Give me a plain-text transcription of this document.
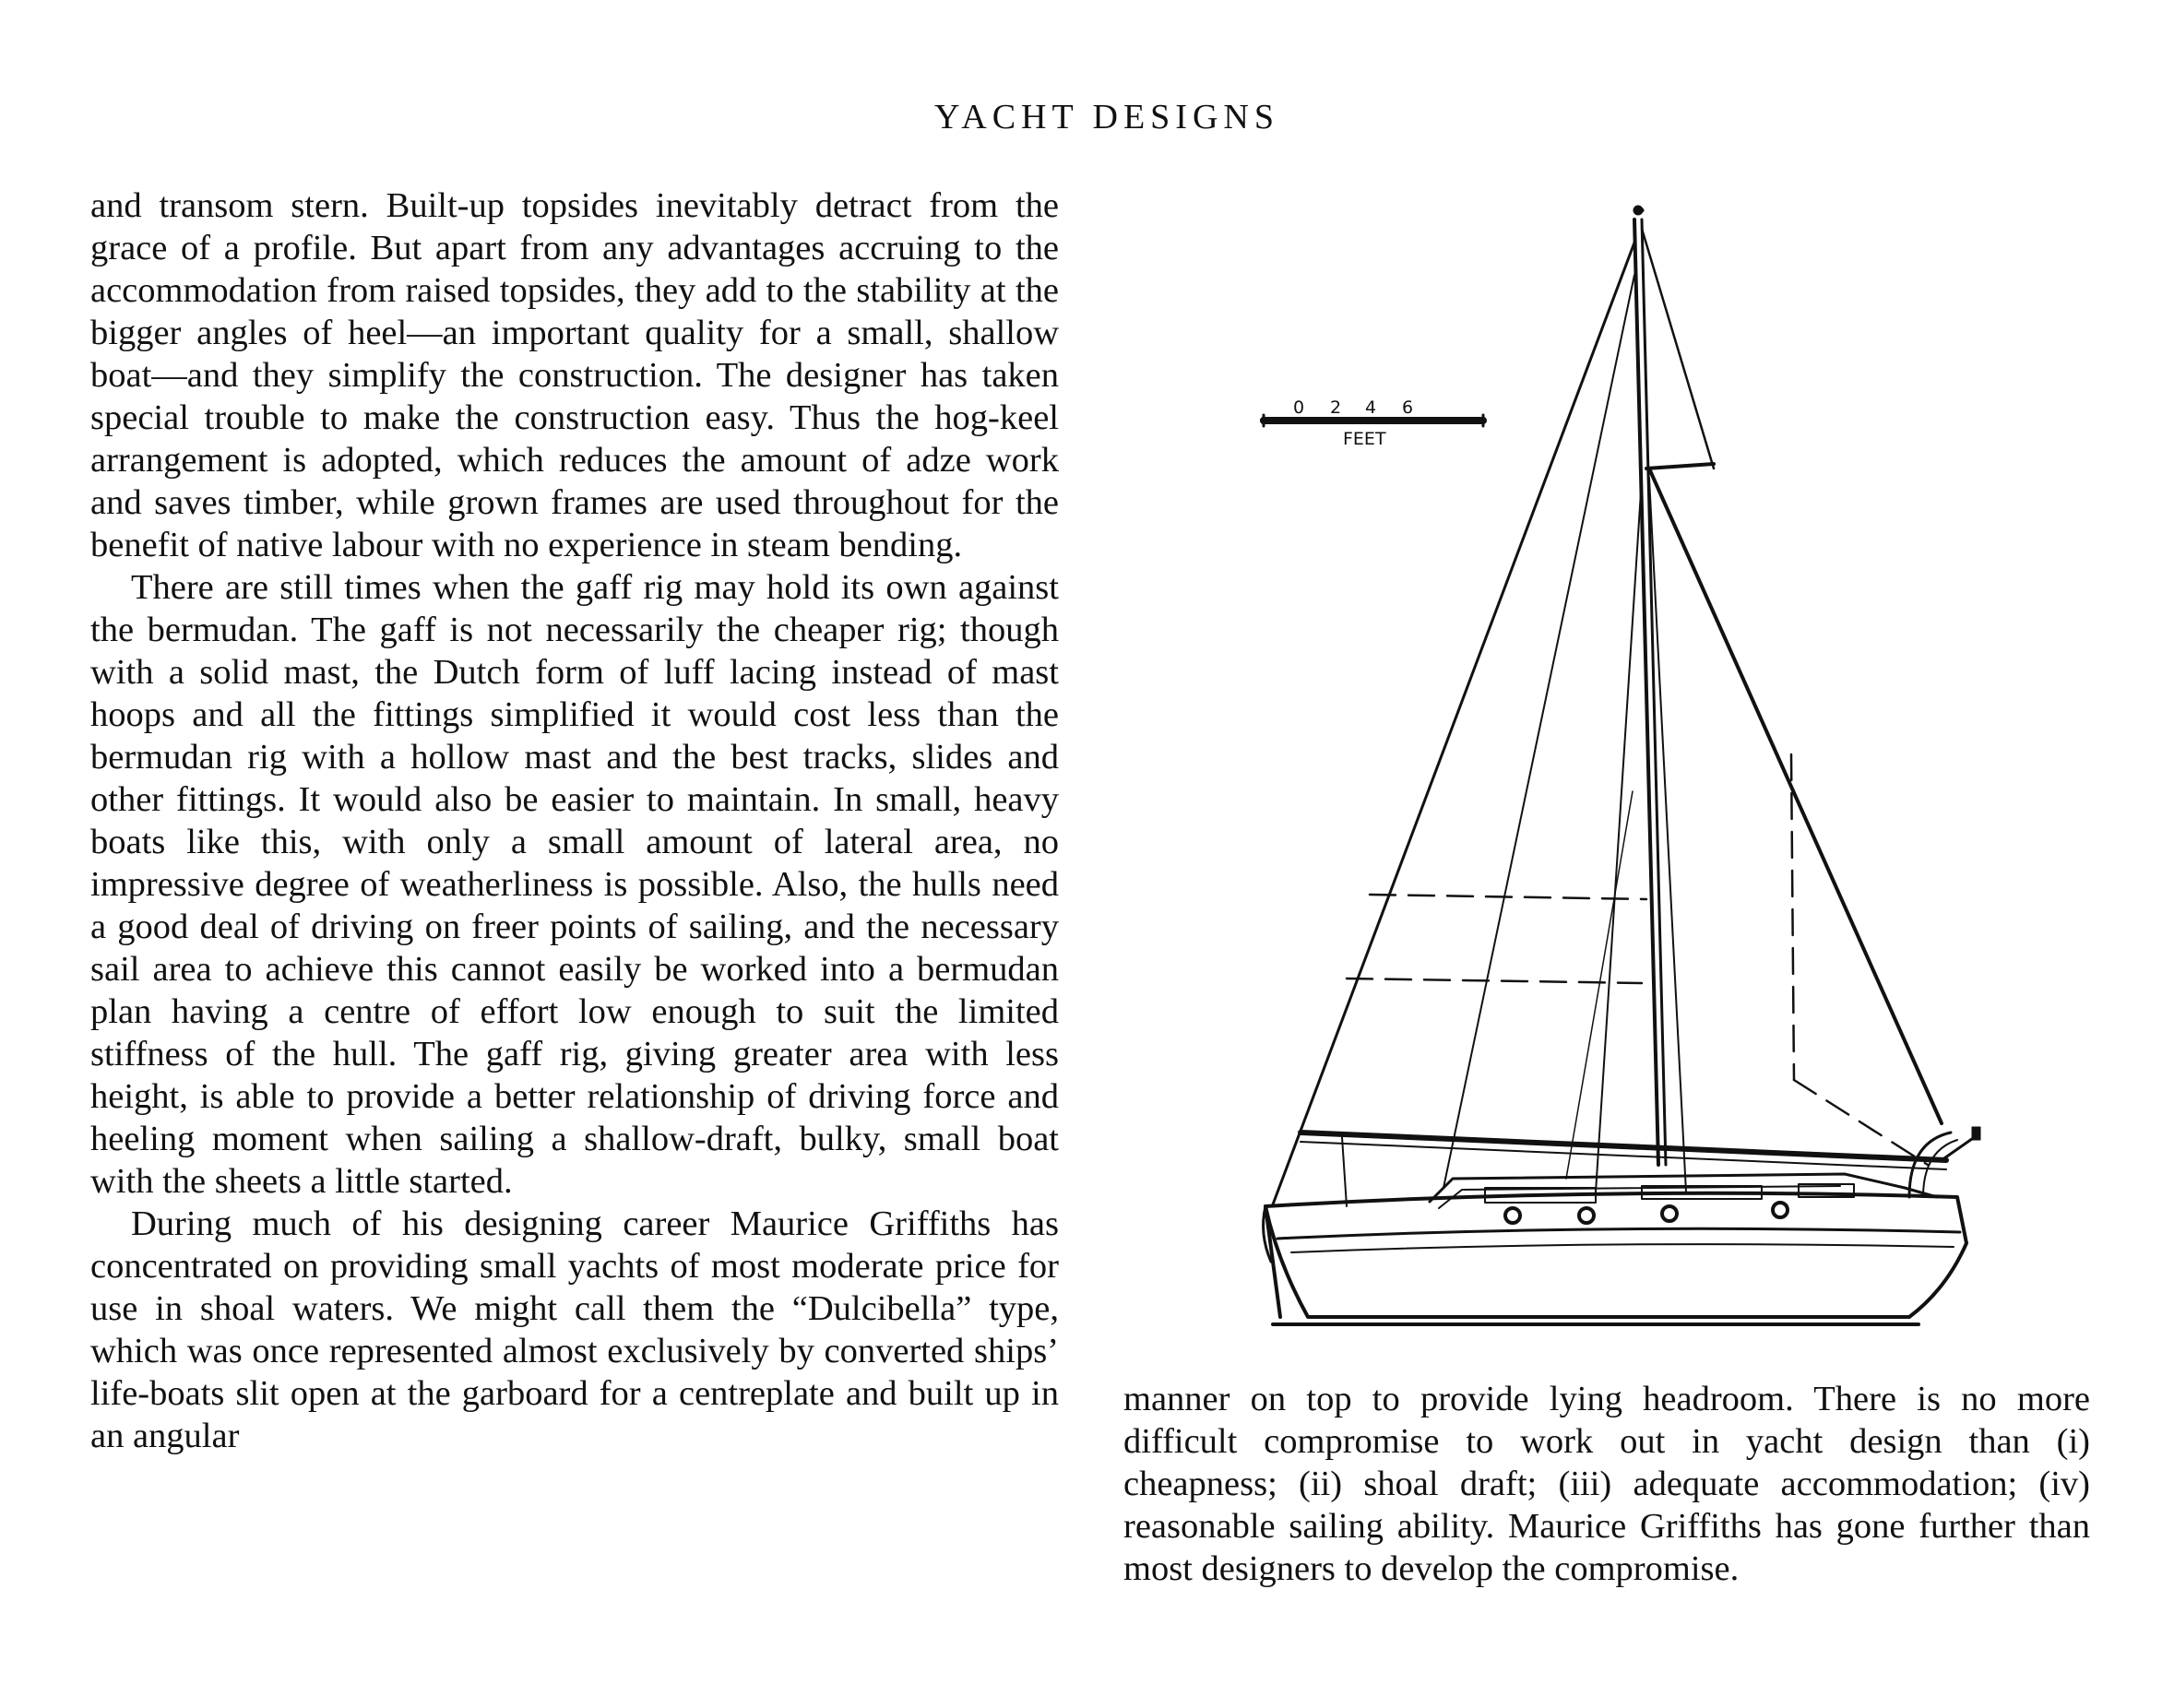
YACHT DESIGNS

and transom stern. Built-up topsides inevitably detract from the grace of a profile. But apart from any advantages accruing to the accommodation from raised topsides, they add to the stability at the bigger angles of heel—an important quality for a small, shallow boat—and they simplify the construction. The designer has taken special trouble to make the construction easy. Thus the hog-keel arrangement is adopted, which reduces the amount of adze work and saves timber, while grown frames are used throughout for the benefit of native labour with no experience in steam bending.

There are still times when the gaff rig may hold its own against the bermudan. The gaff is not necessarily the cheaper rig; though with a solid mast, the Dutch form of luff lacing instead of mast hoops and all the fittings simplified it would cost less than the bermudan rig with a hollow mast and the best tracks, slides and other fittings. It would also be easier to maintain. In small, heavy boats like this, with only a small amount of lateral area, no impressive degree of weatherliness is possible. Also, the hulls need a good deal of driving on freer points of sailing, and the necessary sail area to achieve this cannot easily be worked into a bermudan plan having a centre of effort low enough to suit the limited stiffness of the hull. The gaff rig, giving greater area with less height, is able to provide a better relationship of driving force and heeling moment when sailing a shallow-draft, bulky, small boat with the sheets a little started.

During much of his designing career Maurice Griffiths has concentrated on providing small yachts of most moderate price for use in shoal waters. We might call them the “Dulcibella” type, which was once represented almost exclusively by converted ships’ life-boats slit open at the garboard for a centreplate and built up in an angular

0 2 4 6
FEET

manner on top to provide lying headroom. There is no more difficult compromise to work out in yacht design than (i) cheapness; (ii) shoal draft; (iii) adequate accommodation; (iv) reasonable sailing ability. Maurice Griffiths has gone further than most designers to develop the compromise.
